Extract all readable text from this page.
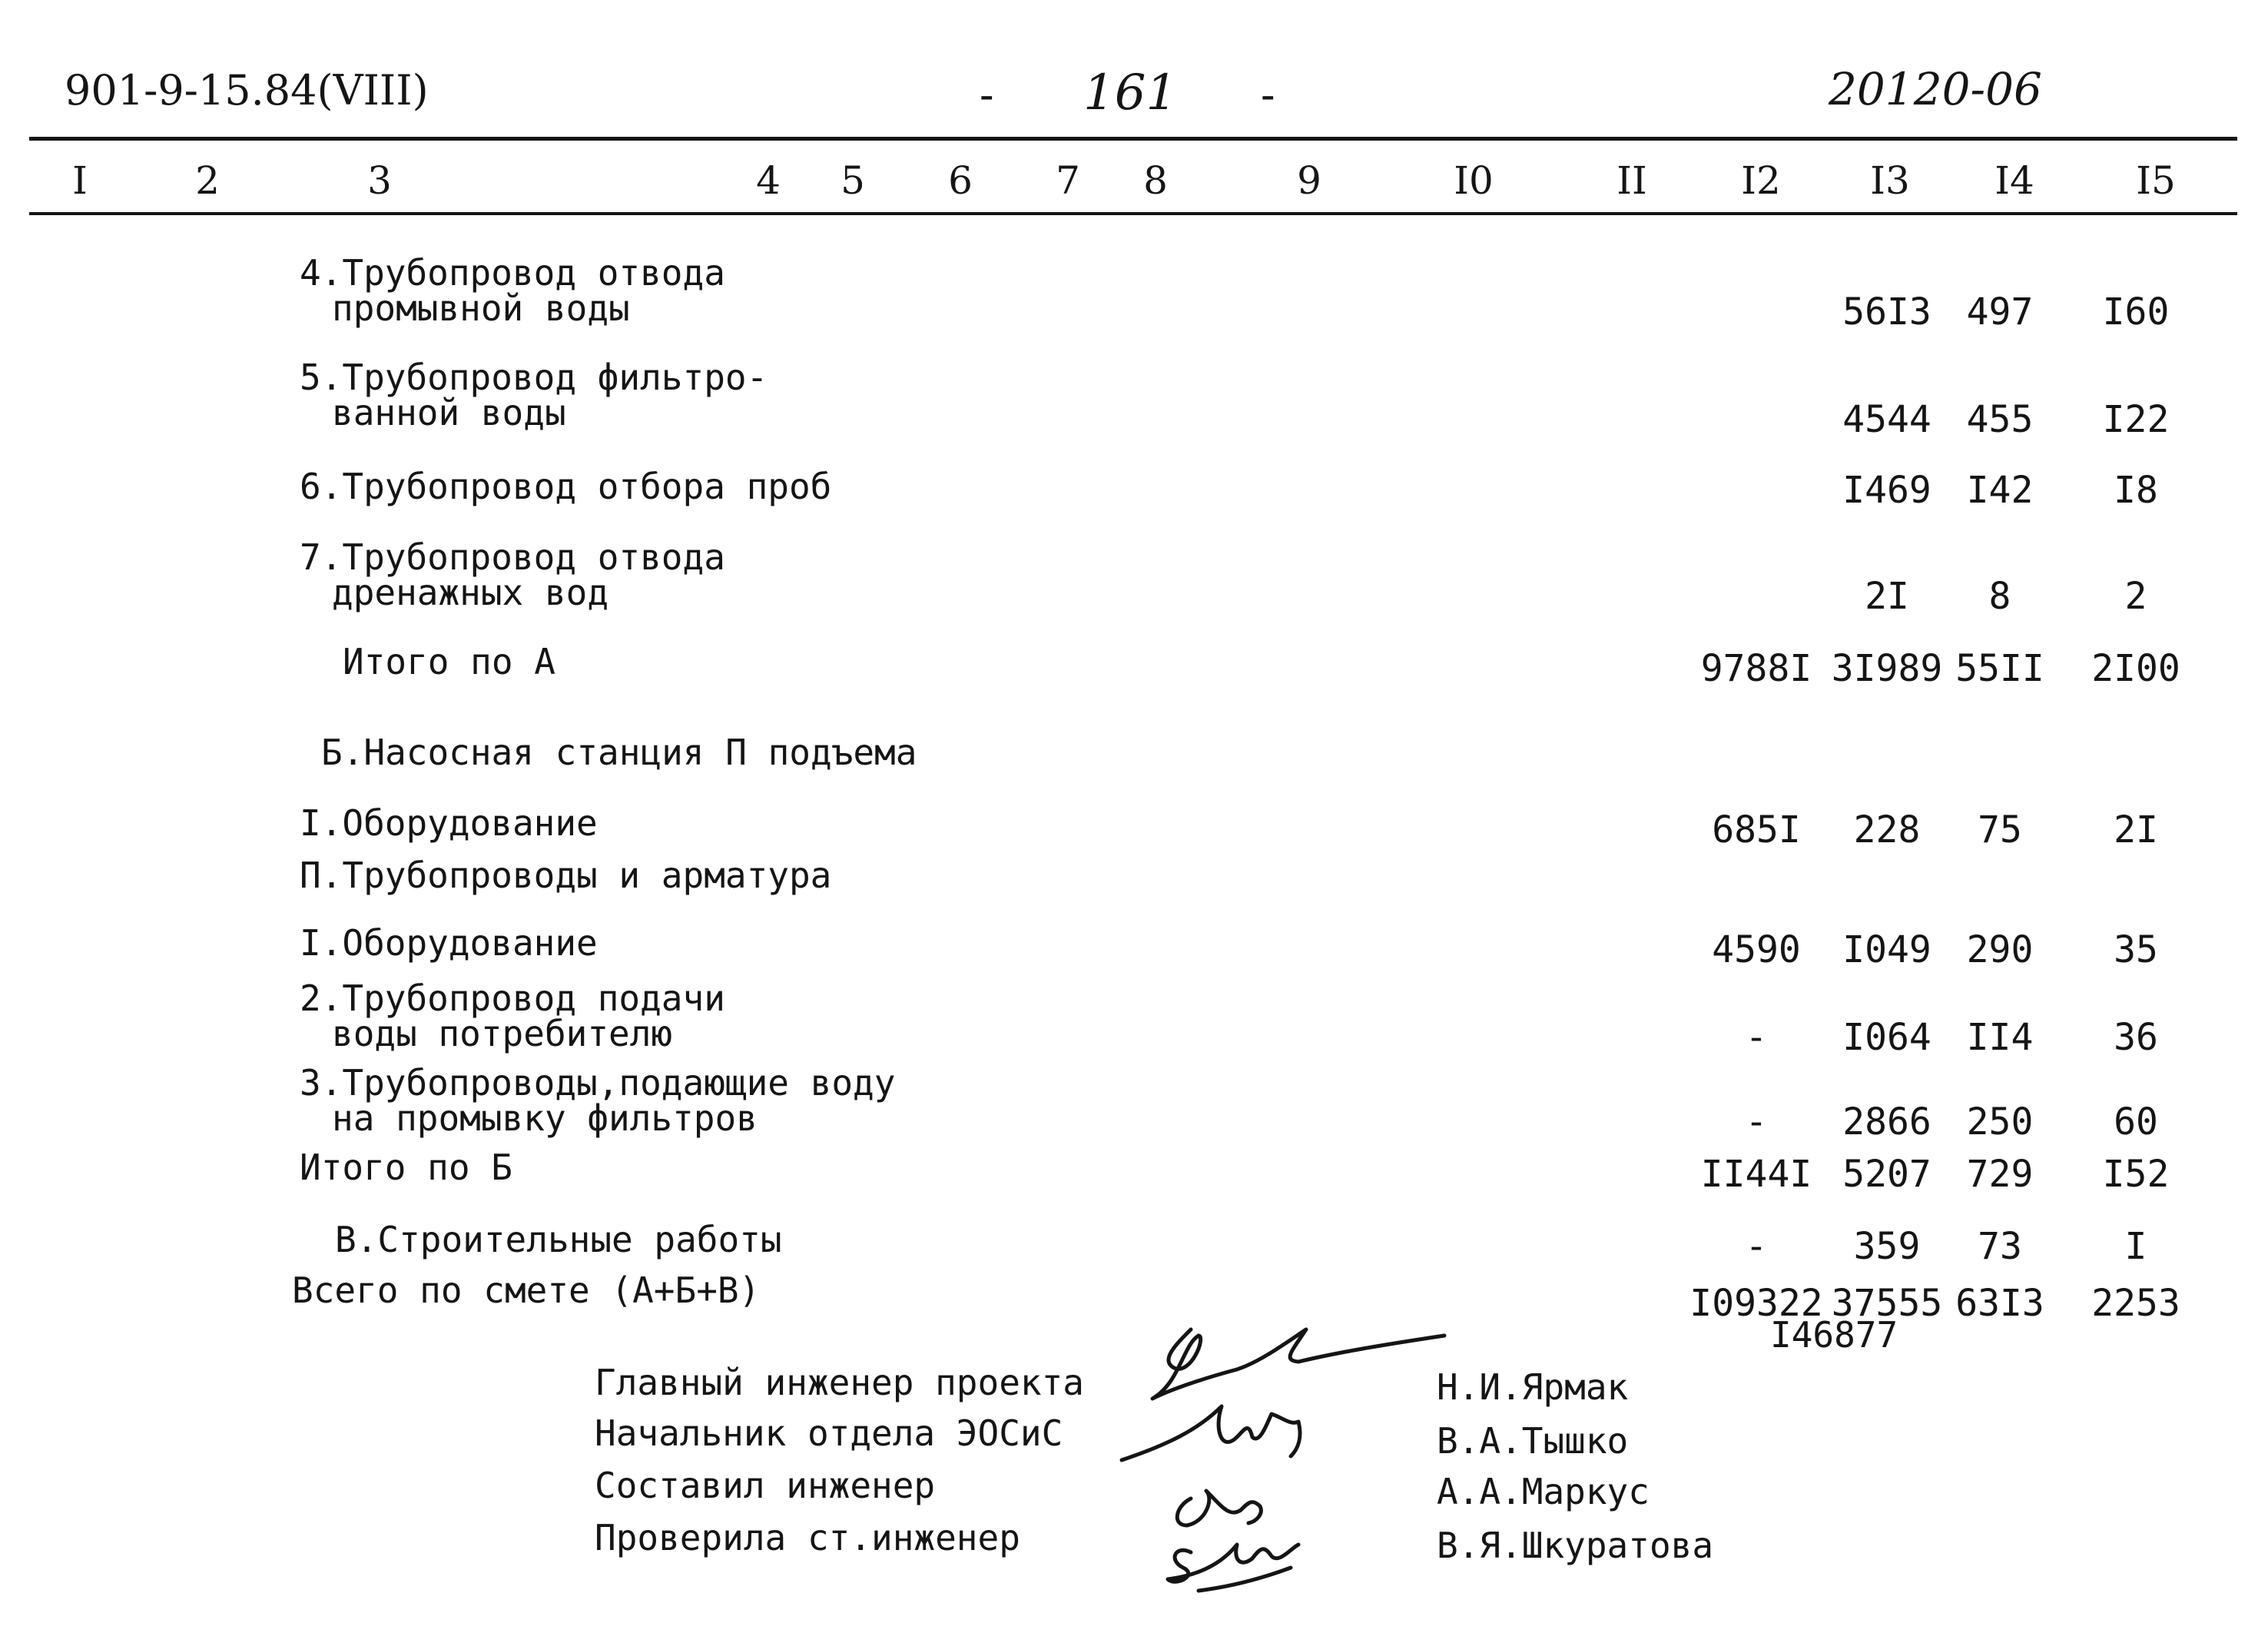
901-9-15.84(VIII)	- 161 -	20120-06
I	2	3	4 5 6 7 8	9	I0	II I2 I3 I4	I5
4.Трубопровод отвода
промывной воды	56I3 497	I60
5.Трубопровод фильтро-
ванной воды	4544 455	I22
6.Трубопровод отбора проб	I469 I42	I8
7.Трубопровод отвода
дренажных вод	2I	8	2
Итого по А	9788I 3I989 55II	2I00
Б.Насосная станция П подъема
I.Оборудование	685I	228	75	2I
П.Трубопроводы и арматура
I.Оборудование	4590	I049 290	35
2.Трубопровод подачи
воды потребителю	-	I064 II4	36
3.Трубопроводы,подающие воду
на промывку фильтров	-	2866 250	60
Итого по Б	II44I 5207 729	I52
В.Строительные работы	-	359	73	I
Всего по смете (А+Б+В)	I09322 37555 63I3	2253
I46877
Главный инженер проекта	Н.И.Ярмак
Начальник отдела ЭОСиС	В.А.Тышко
Составил инженер	А.А.Маркус
Проверила ст.инженер	В.Я.Шкуратова
